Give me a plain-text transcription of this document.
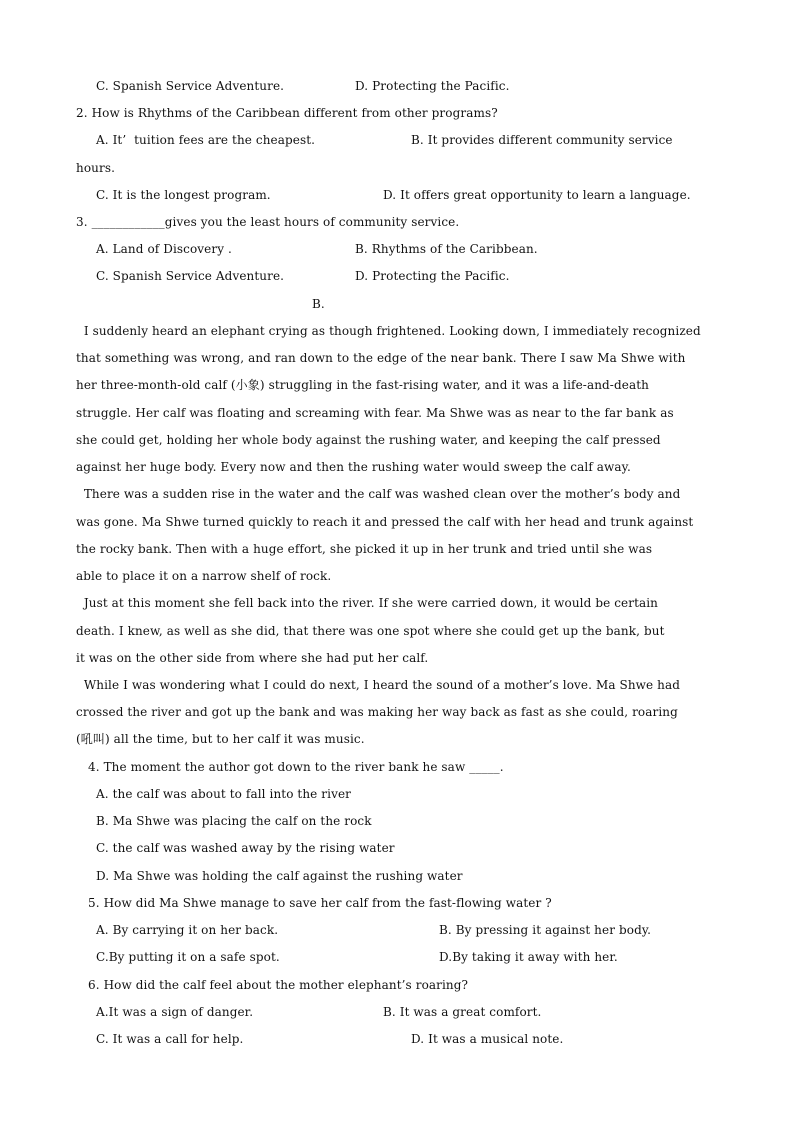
C. Spanish Service Adventure.	D. Protecting the Pacific.
2. How is Rhythms of the Caribbean different from other programs?
A. It’  tuition fees are the cheapest.	B. It provides different community service
hours.
C. It is the longest program.	D. It offers great opportunity to learn a language.
3. ____________gives you the least hours of community service.
A. Land of Discovery .	B. Rhythms of the Caribbean.
C. Spanish Service Adventure.	D. Protecting the Pacific.
B.
I suddenly heard an elephant crying as though frightened. Looking down, I immediately recognized
that something was wrong, and ran down to the edge of the near bank. There I saw Ma Shwe with
her three-month-old calf (小象) struggling in the fast-rising water, and it was a life-and-death
struggle. Her calf was floating and screaming with fear. Ma Shwe was as near to the far bank as
she could get, holding her whole body against the rushing water, and keeping the calf pressed
against her huge body. Every now and then the rushing water would sweep the calf away.
There was a sudden rise in the water and the calf was washed clean over the mother’s body and
was gone. Ma Shwe turned quickly to reach it and pressed the calf with her head and trunk against
the rocky bank. Then with a huge effort, she picked it up in her trunk and tried until she was
able to place it on a narrow shelf of rock.
Just at this moment she fell back into the river. If she were carried down, it would be certain
death. I knew, as well as she did, that there was one spot where she could get up the bank, but
it was on the other side from where she had put her calf.
While I was wondering what I could do next, I heard the sound of a mother’s love. Ma Shwe had
crossed the river and got up the bank and was making her way back as fast as she could, roaring
(吼叫) all the time, but to her calf it was music.
4. The moment the author got down to the river bank he saw _____.
A. the calf was about to fall into the river
B. Ma Shwe was placing the calf on the rock
C. the calf was washed away by the rising water
D. Ma Shwe was holding the calf against the rushing water
5. How did Ma Shwe manage to save her calf from the fast-flowing water ?
A. By carrying it on her back.	B. By pressing it against her body.
C.By putting it on a safe spot.	D.By taking it away with her.
6. How did the calf feel about the mother elephant’s roaring?
A.It was a sign of danger.	B. It was a great comfort.
C. It was a call for help.	D. It was a musical note.
